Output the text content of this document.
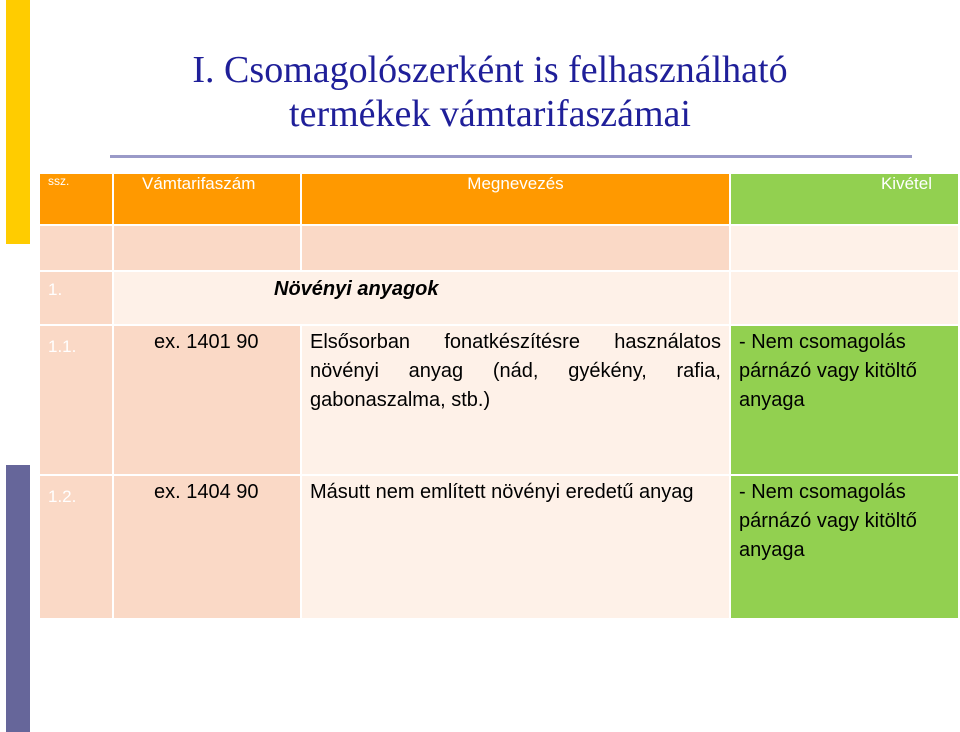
I. Csomagolószerként is felhasználható
termékek vámtarifaszámai
ssz.	Vámtarifaszám	Megnevezés	Kivétel

1.	Növényi anyagok		

1.1.	ex. 1401 90	Elsősorban fonatkészítésre használatos növényi anyag (nád, gyékény, rafia, gabonaszalma, stb.)	- Nem csomagolás párnázó vagy kitöltő anyaga
1.2.	ex. 1404 90	Másutt nem említett növényi eredetű anyag	- Nem csomagolás párnázó vagy kitöltő anyaga
